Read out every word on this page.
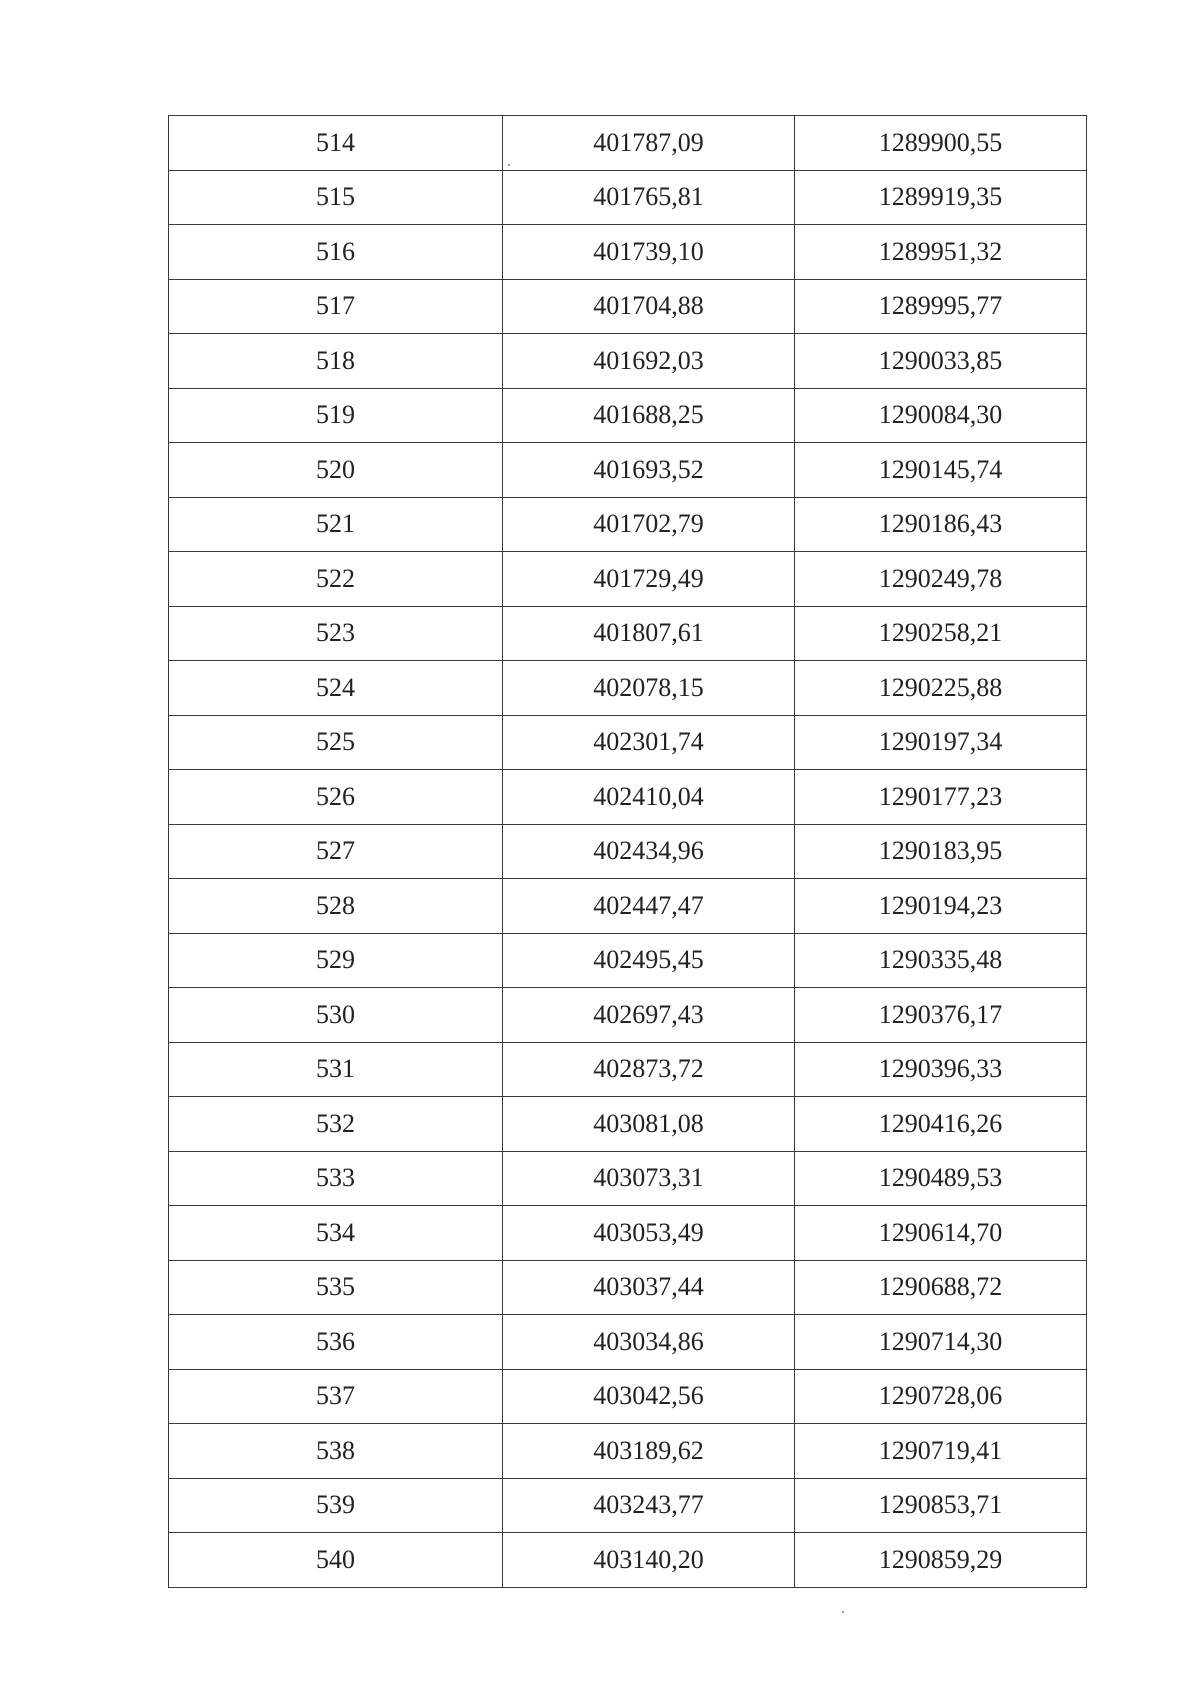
514	401787,09	1289900,55
515	401765,81	1289919,35
516	401739,10	1289951,32
517	401704,88	1289995,77
518	401692,03	1290033,85
519	401688,25	1290084,30
520	401693,52	1290145,74
521	401702,79	1290186,43
522	401729,49	1290249,78
523	401807,61	1290258,21
524	402078,15	1290225,88
525	402301,74	1290197,34
526	402410,04	1290177,23
527	402434,96	1290183,95
528	402447,47	1290194,23
529	402495,45	1290335,48
530	402697,43	1290376,17
531	402873,72	1290396,33
532	403081,08	1290416,26
533	403073,31	1290489,53
534	403053,49	1290614,70
535	403037,44	1290688,72
536	403034,86	1290714,30
537	403042,56	1290728,06
538	403189,62	1290719,41
539	403243,77	1290853,71
540	403140,20	1290859,29
